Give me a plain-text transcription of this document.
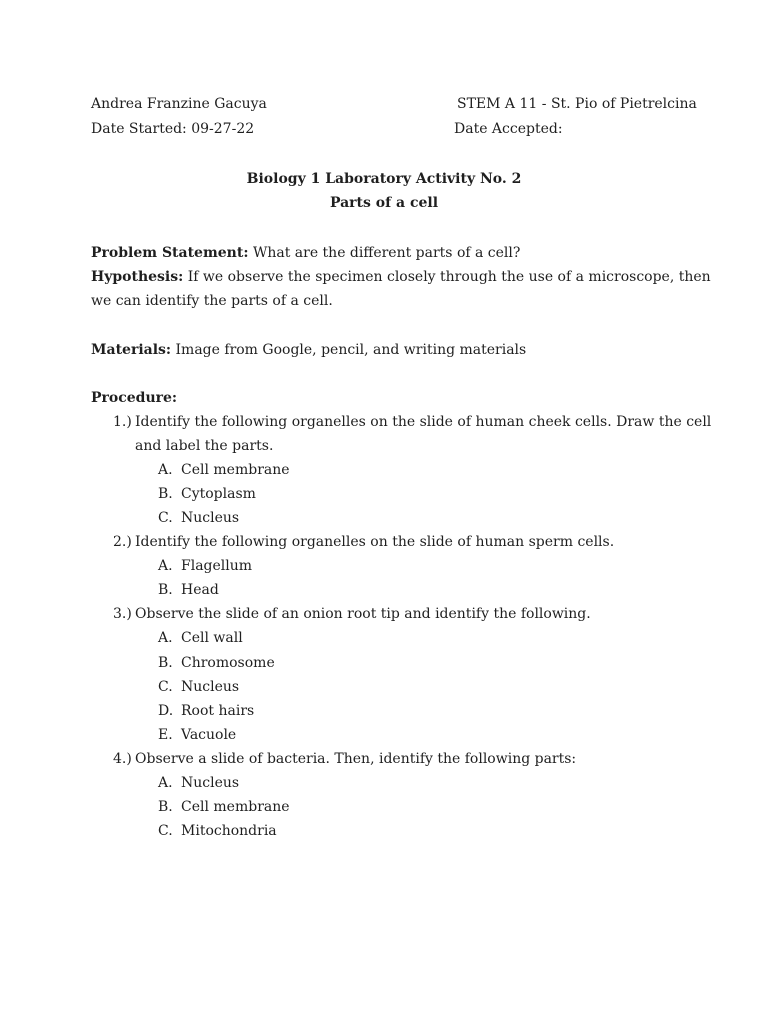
Andrea Franzine Gacuya	STEM A 11 - St. Pio of Pietrelcina
Date Started: 09-27-22	Date Accepted:
Biology 1 Laboratory Activity No. 2
Parts of a cell
Problem Statement: What are the different parts of a cell?
Hypothesis: If we observe the specimen closely through the use of a microscope, then
we can identify the parts of a cell.
Materials: Image from Google, pencil, and writing materials
Procedure:
1.) Identify the following organelles on the slide of human cheek cells. Draw the cell
and label the parts.
A. Cell membrane
B. Cytoplasm
C. Nucleus
2.) Identify the following organelles on the slide of human sperm cells.
A. Flagellum
B. Head
3.) Observe the slide of an onion root tip and identify the following.
A. Cell wall
B. Chromosome
C. Nucleus
D. Root hairs
E. Vacuole
4.) Observe a slide of bacteria. Then, identify the following parts:
A. Nucleus
B. Cell membrane
C. Mitochondria
